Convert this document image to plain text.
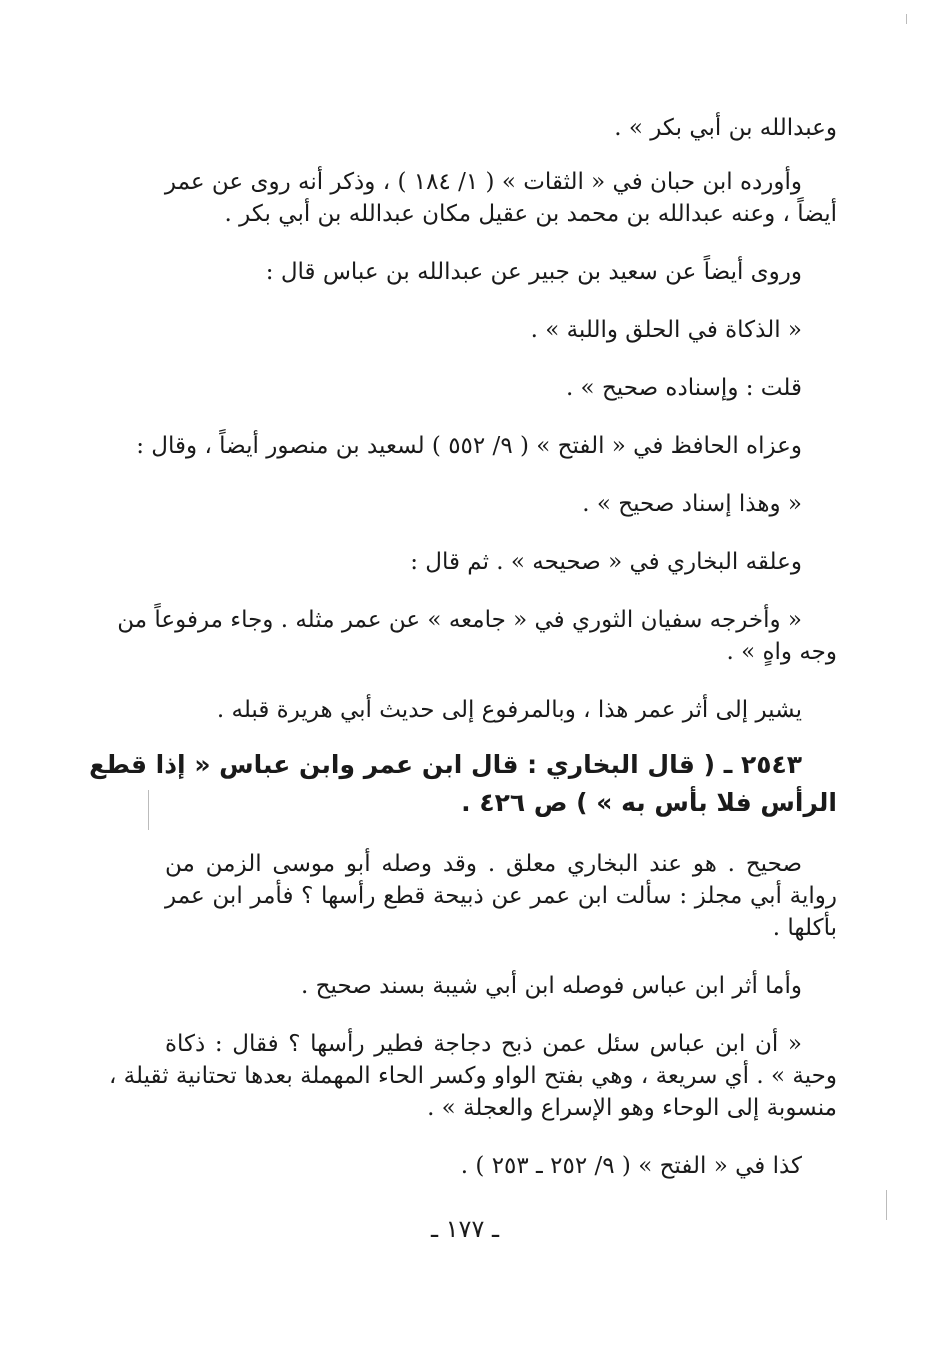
وعبدالله بن أبي بكر » .
وأورده ابن حبان في « الثقات » ( ١/ ١٨٤ ) ، وذكر أنه روى عن عمر
أيضاً ، وعنه عبدالله بن محمد بن عقيل مكان عبدالله بن أبي بكر .
وروى أيضاً عن سعيد بن جبير عن عبدالله بن عباس قال :
« الذكاة في الحلق واللبة » .
قلت : وإسناده صحيح » .
وعزاه الحافظ في « الفتح » ( ٩/ ٥٥٢ ) لسعيد بن منصور أيضاً ، وقال :
« وهذا إسناد صحيح » .
وعلقه البخاري في « صحيحه » . ثم قال :
« وأخرجه سفيان الثوري في « جامعه » عن عمر مثله . وجاء مرفوعاً من
وجه واهٍ » .
يشير إلى أثر عمر هذا ، وبالمرفوع إلى حديث أبي هريرة قبله .
٢٥٤٣ ـ ( قال البخاري : قال ابن عمر وابن عباس « إذا قطع
الرأس فلا بأس به » ) ص ٤٢٦ .
صحيح . هو عند البخاري معلق . وقد وصله أبو موسى الزمن من
رواية أبي مجلز : سألت ابن عمر عن ذبيحة قطع رأسها ؟ فأمر ابن عمر
بأكلها .
وأما أثر ابن عباس فوصله ابن أبي شيبة بسند صحيح .
« أن ابن عباس سئل عمن ذبح دجاجة فطير رأسها ؟ فقال : ذكاة
وحية » . أي سريعة ، وهي بفتح الواو وكسر الحاء المهملة بعدها تحتانية ثقيلة ،
منسوبة إلى الوحاء وهو الإسراع والعجلة » .
كذا في « الفتح » ( ٩/ ٢٥٢ ـ ٢٥٣ ) .
ـ ١٧٧ ـ
